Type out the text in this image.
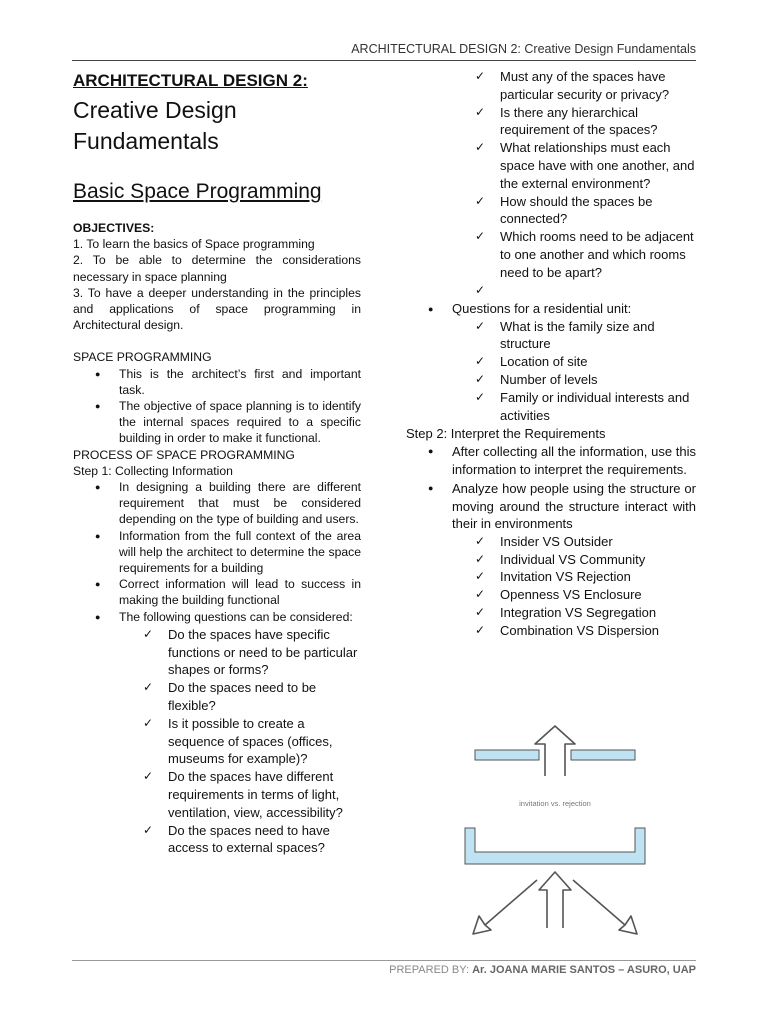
ARCHITECTURAL DESIGN 2: Creative Design Fundamentals
ARCHITECTURAL DESIGN 2:
Creative Design
Fundamentals
Basic Space Programming

OBJECTIVES:

1. To learn the basics of Space programming

2. To be able to determine the considerations necessary in space planning

3. To have a deeper understanding in the principles and applications of space programming in Architectural design.

SPACE PROGRAMMING

● This is the architect’s first and important task.
● The objective of space planning is to identify the internal spaces required to a specific building in order to make it functional.

PROCESS OF SPACE PROGRAMMING

Step 1: Collecting Information

● In designing a building there are different requirement that must be considered depending on the type of building and users.
● Information from the full context of the area will help the architect to determine the space requirements for a building
● Correct information will lead to success in making the building functional
● The following questions can be considered:
✓ Do the spaces have specific functions or need to be particular shapes or forms?
✓ Do the spaces need to be flexible?
✓ Is it possible to create a sequence of spaces (offices, museums for example)?
✓ Do the spaces have different requirements in terms of light, ventilation, view, accessibility?
✓ Do the spaces need to have access to external spaces?
✓ Must any of the spaces have particular security or privacy?
✓ Is there any hierarchical requirement of the spaces?
✓ What relationships must each space have with one another, and the external environment?
✓ How should the spaces be connected?
✓ Which rooms need to be adjacent to one another and which rooms need to be apart?
✓
● Questions for a residential unit:
✓ What is the family size and structure
✓ Location of site
✓ Number of levels
✓ Family or individual interests and activities

Step 2: Interpret the Requirements

● After collecting all the information, use this information to interpret the requirements.
● Analyze how people using the structure or moving around the structure interact with their in environments
✓ Insider VS Outsider
✓ Individual VS Community
✓ Invitation VS Rejection
✓ Openness VS Enclosure
✓ Integration VS Segregation
✓ Combination VS Dispersion
invitation vs. rejection
PREPARED BY: Ar. JOANA MARIE SANTOS – ASURO, UAP
